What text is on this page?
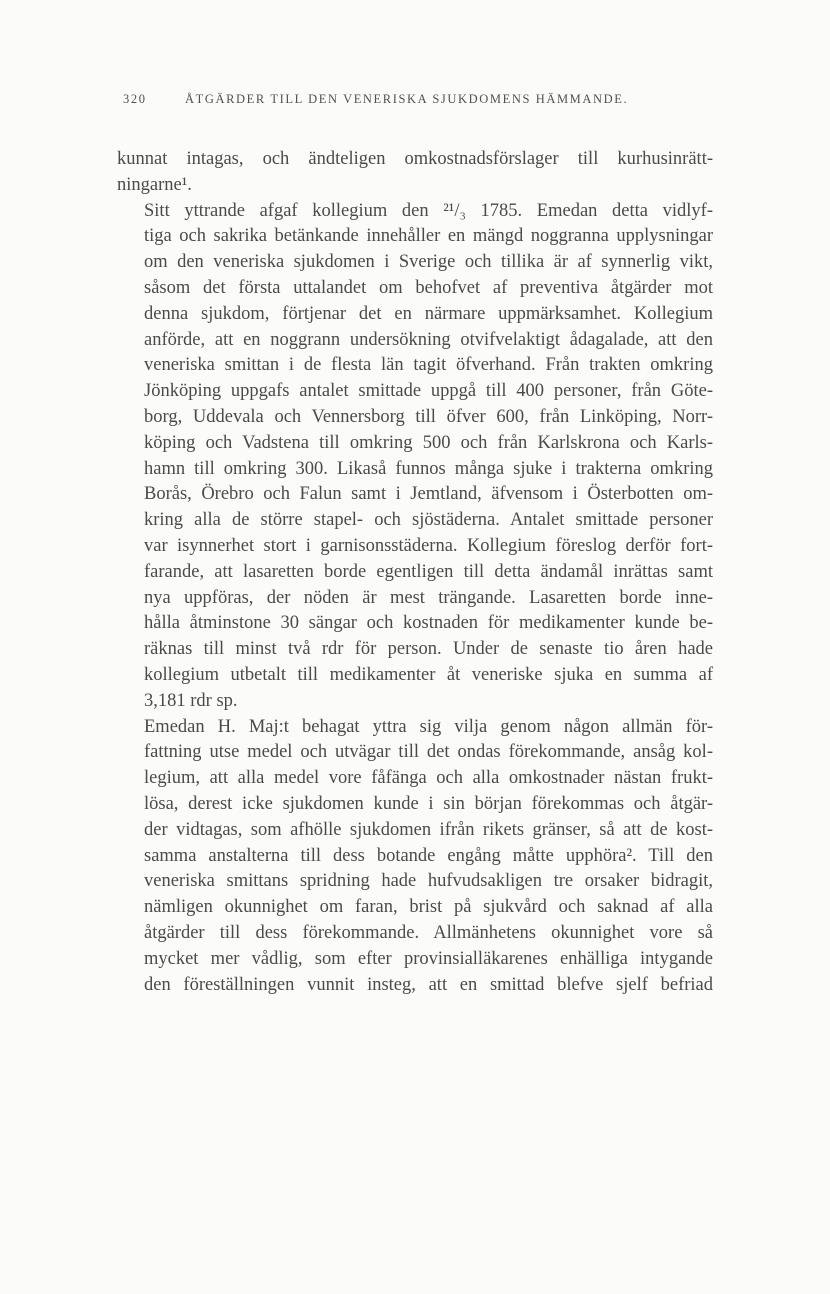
320	ÅTGÄRDER TILL DEN VENERISKA SJUKDOMENS HÄMMANDE.

kunnat intagas, och ändteligen omkostnadsförslager till kurhusinrätt-
ningarne¹.

Sitt yttrande afgaf kollegium den ²¹/₃ 1785. Emedan detta vidlyf-
tiga och sakrika betänkande innehåller en mängd noggranna upplysningar
om den veneriska sjukdomen i Sverige och tillika är af synnerlig vikt,
såsom det första uttalandet om behofvet af preventiva åtgärder mot
denna sjukdom, förtjenar det en närmare uppmärksamhet. Kollegium
anförde, att en noggrann undersökning otvifvelaktigt ådagalade, att den
veneriska smittan i de flesta län tagit öfverhand. Från trakten omkring
Jönköping uppgafs antalet smittade uppgå till 400 personer, från Göte-
borg, Uddevala och Vennersborg till öfver 600, från Linköping, Norr-
köping och Vadstena till omkring 500 och från Karlskrona och Karls-
hamn till omkring 300. Likaså funnos många sjuke i trakterna omkring
Borås, Örebro och Falun samt i Jemtland, äfvensom i Österbotten om-
kring alla de större stapel- och sjöstäderna. Antalet smittade personer
var isynnerhet stort i garnisonsstäderna. Kollegium föreslog derför fort-
farande, att lasaretten borde egentligen till detta ändamål inrättas samt
nya uppföras, der nöden är mest trängande. Lasaretten borde inne-
hålla åtminstone 30 sängar och kostnaden för medikamenter kunde be-
räknas till minst två rdr för person. Under de senaste tio åren hade
kollegium utbetalt till medikamenter åt veneriske sjuka en summa af
3,181 rdr sp.

Emedan H. Maj:t behagat yttra sig vilja genom någon allmän för-
fattning utse medel och utvägar till det ondas förekommande, ansåg kol-
legium, att alla medel vore fåfänga och alla omkostnader nästan frukt-
lösa, derest icke sjukdomen kunde i sin början förekommas och åtgär-
der vidtagas, som afhölle sjukdomen ifrån rikets gränser, så att de kost-
samma anstalterna till dess botande engång måtte upphöra². Till den
veneriska smittans spridning hade hufvudsakligen tre orsaker bidragit,
nämligen okunnighet om faran, brist på sjukvård och saknad af alla
åtgärder till dess förekommande. Allmänhetens okunnighet vore så
mycket mer vådlig, som efter provinsialläkarenes enhälliga intygande
den föreställningen vunnit insteg, att en smittad blefve sjelf befriad
